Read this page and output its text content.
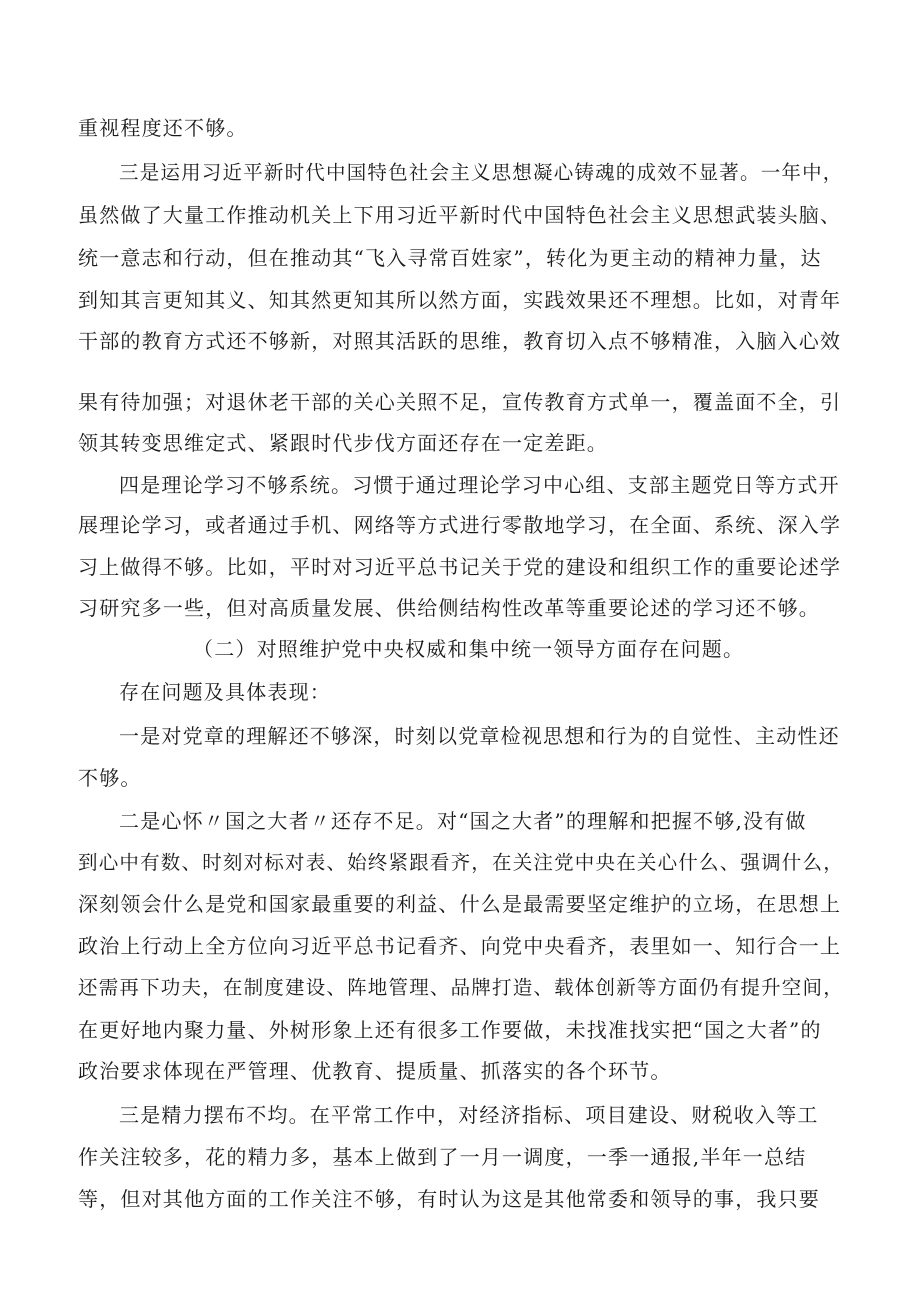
重视程度还不够。

三是运用习近平新时代中国特色社会主义思想凝心铸魂的成效不显著。一年中，

虽然做了大量工作推动机关上下用习近平新时代中国特色社会主义思想武装头脑、

统一意志和行动，但在推动其“飞入寻常百姓家”，转化为更主动的精神力量，达

到知其言更知其义、知其然更知其所以然方面，实践效果还不理想。比如，对青年

干部的教育方式还不够新，对照其活跃的思维，教育切入点不够精准，入脑入心效

果有待加强；对退休老干部的关心关照不足，宣传教育方式单一，覆盖面不全，引

领其转变思维定式、紧跟时代步伐方面还存在一定差距。

四是理论学习不够系统。习惯于通过理论学习中心组、支部主题党日等方式开

展理论学习，或者通过手机、网络等方式进行零散地学习，在全面、系统、深入学

习上做得不够。比如，平时对习近平总书记关于党的建设和组织工作的重要论述学

习研究多一些，但对高质量发展、供给侧结构性改革等重要论述的学习还不够。

（二）对照维护党中央权威和集中统一领导方面存在问题。

存在问题及具体表现：

一是对党章的理解还不够深，时刻以党章检视思想和行为的自觉性、主动性还

不够。

二是心怀〃国之大者〃还存不足。对“国之大者”的理解和把握不够,没有做

到心中有数、时刻对标对表、始终紧跟看齐，在关注党中央在关心什么、强调什么，

深刻领会什么是党和国家最重要的利益、什么是最需要坚定维护的立场，在思想上

政治上行动上全方位向习近平总书记看齐、向党中央看齐，表里如一、知行合一上

还需再下功夫，在制度建设、阵地管理、品牌打造、载体创新等方面仍有提升空间，

在更好地内聚力量、外树形象上还有很多工作要做，未找准找实把“国之大者”的

政治要求体现在严管理、优教育、提质量、抓落实的各个环节。

三是精力摆布不均。在平常工作中，对经济指标、项目建设、财税收入等工

作关注较多，花的精力多，基本上做到了一月一调度，一季一通报,半年一总结

等，但对其他方面的工作关注不够，有时认为这是其他常委和领导的事，我只要
